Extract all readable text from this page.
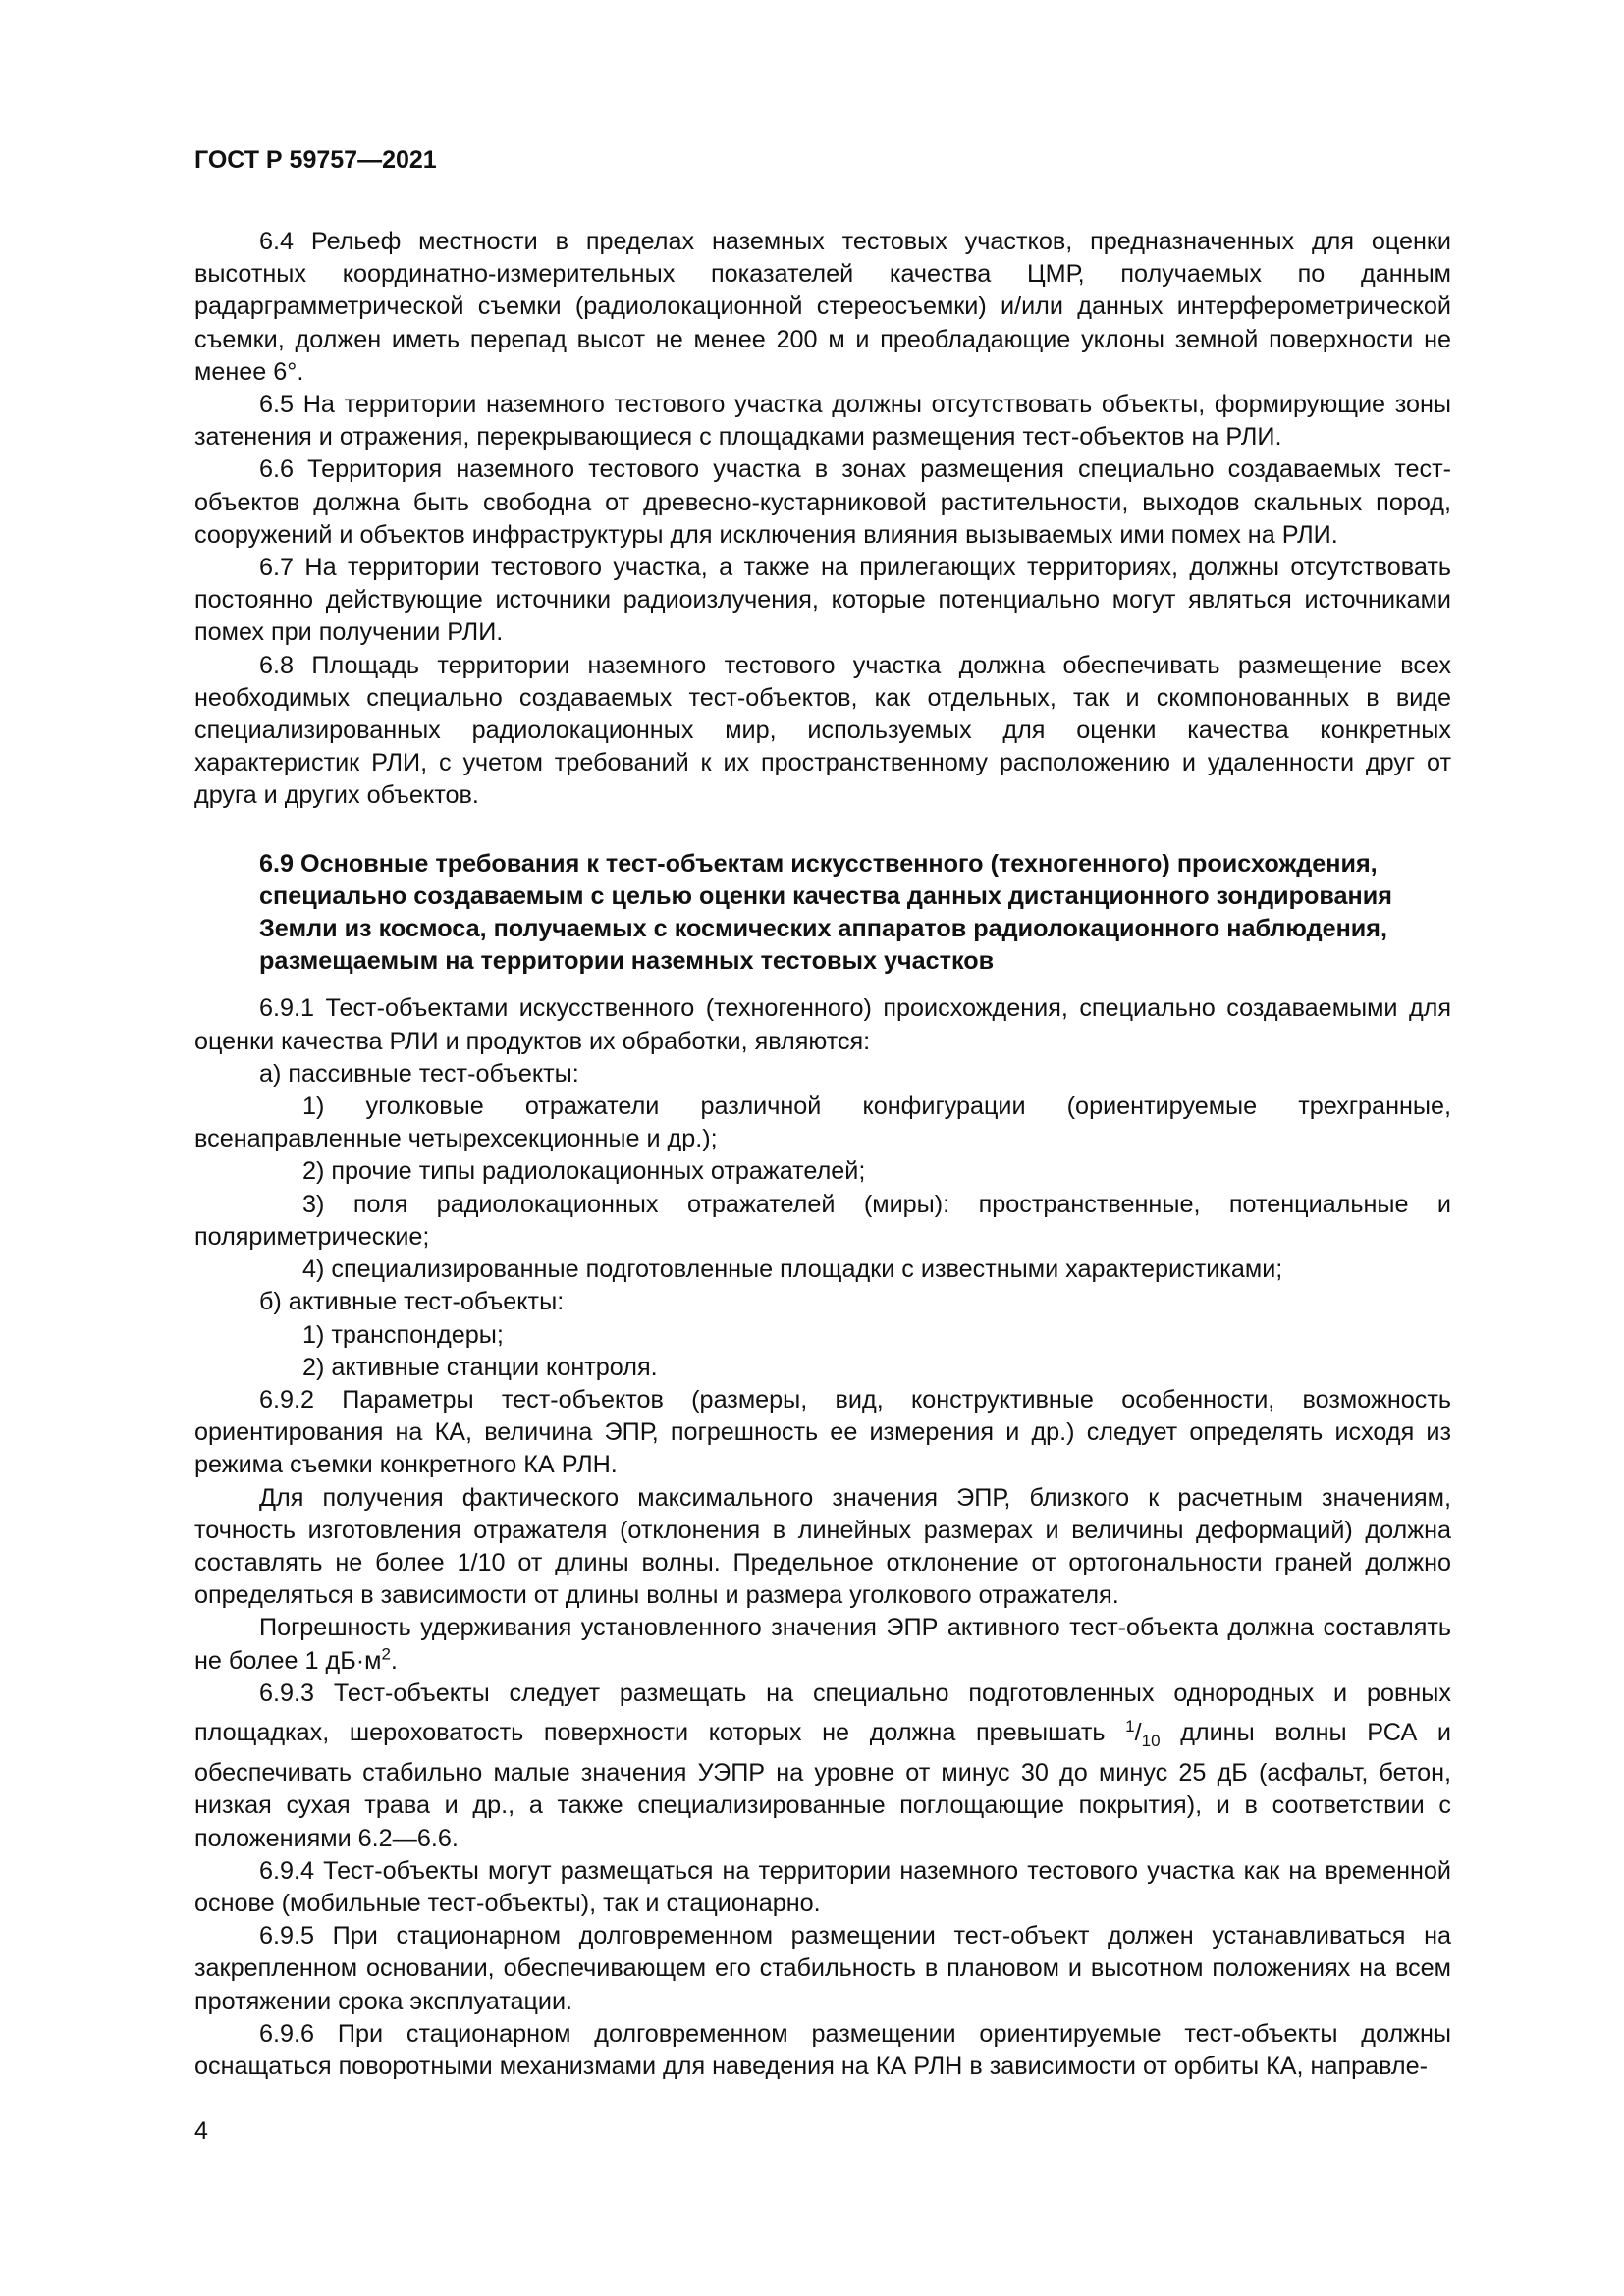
ГОСТ Р 59757—2021
6.4 Рельеф местности в пределах наземных тестовых участков, предназначенных для оценки высотных координатно-измерительных показателей качества ЦМР, получаемых по данным радарграмметрической съемки (радиолокационной стереосъемки) и/или данных интерферометрической съемки, должен иметь перепад высот не менее 200 м и преобладающие уклоны земной поверхности не менее 6°.
6.5 На территории наземного тестового участка должны отсутствовать объекты, формирующие зоны затенения и отражения, перекрывающиеся с площадками размещения тест-объектов на РЛИ.
6.6 Территория наземного тестового участка в зонах размещения специально создаваемых тест-объектов должна быть свободна от древесно-кустарниковой растительности, выходов скальных пород, сооружений и объектов инфраструктуры для исключения влияния вызываемых ими помех на РЛИ.
6.7 На территории тестового участка, а также на прилегающих территориях, должны отсутствовать постоянно действующие источники радиоизлучения, которые потенциально могут являться источниками помех при получении РЛИ.
6.8 Площадь территории наземного тестового участка должна обеспечивать размещение всех необходимых специально создаваемых тест-объектов, как отдельных, так и скомпонованных в виде специализированных радиолокационных мир, используемых для оценки качества конкретных характеристик РЛИ, с учетом требований к их пространственному расположению и удаленности друг от друга и других объектов.
6.9 Основные требования к тест-объектам искусственного (техногенного) происхождения, специально создаваемым с целью оценки качества данных дистанционного зондирования Земли из космоса, получаемых с космических аппаратов радиолокационного наблюдения, размещаемым на территории наземных тестовых участков
6.9.1 Тест-объектами искусственного (техногенного) происхождения, специально создаваемыми для оценки качества РЛИ и продуктов их обработки, являются:
а) пассивные тест-объекты:
1) уголковые отражатели различной конфигурации (ориентируемые трехгранные, всенаправленные четырехсекционные и др.);
2) прочие типы радиолокационных отражателей;
3) поля радиолокационных отражателей (миры): пространственные, потенциальные и поляриметрические;
4) специализированные подготовленные площадки с известными характеристиками;
б) активные тест-объекты:
1) транспондеры;
2) активные станции контроля.
6.9.2 Параметры тест-объектов (размеры, вид, конструктивные особенности, возможность ориентирования на КА, величина ЭПР, погрешность ее измерения и др.) следует определять исходя из режима съемки конкретного КА РЛН.
Для получения фактического максимального значения ЭПР, близкого к расчетным значениям, точность изготовления отражателя (отклонения в линейных размерах и величины деформаций) должна составлять не более 1/10 от длины волны. Предельное отклонение от ортогональности граней должно определяться в зависимости от длины волны и размера уголкового отражателя.
Погрешность удерживания установленного значения ЭПР активного тест-объекта должна составлять не более 1 $дБ\cdot м^2$.
6.9.3 Тест-объекты следует размещать на специально подготовленных однородных и ровных площадках, шероховатость поверхности которых не должна превышать $^1/_{10}$ длины волны РСА и обеспечивать стабильно малые значения УЭПР на уровне от минус 30 до минус 25 дБ (асфальт, бетон, низкая сухая трава и др., а также специализированные поглощающие покрытия), и в соответствии с положениями 6.2—6.6.
6.9.4 Тест-объекты могут размещаться на территории наземного тестового участка как на временной основе (мобильные тест-объекты), так и стационарно.
6.9.5 При стационарном долговременном размещении тест-объект должен устанавливаться на закрепленном основании, обеспечивающем его стабильность в плановом и высотном положениях на всем протяжении срока эксплуатации.
6.9.6 При стационарном долговременном размещении ориентируемые тест-объекты должны оснащаться поворотными механизмами для наведения на КА РЛН в зависимости от орбиты КА, направле-
4
